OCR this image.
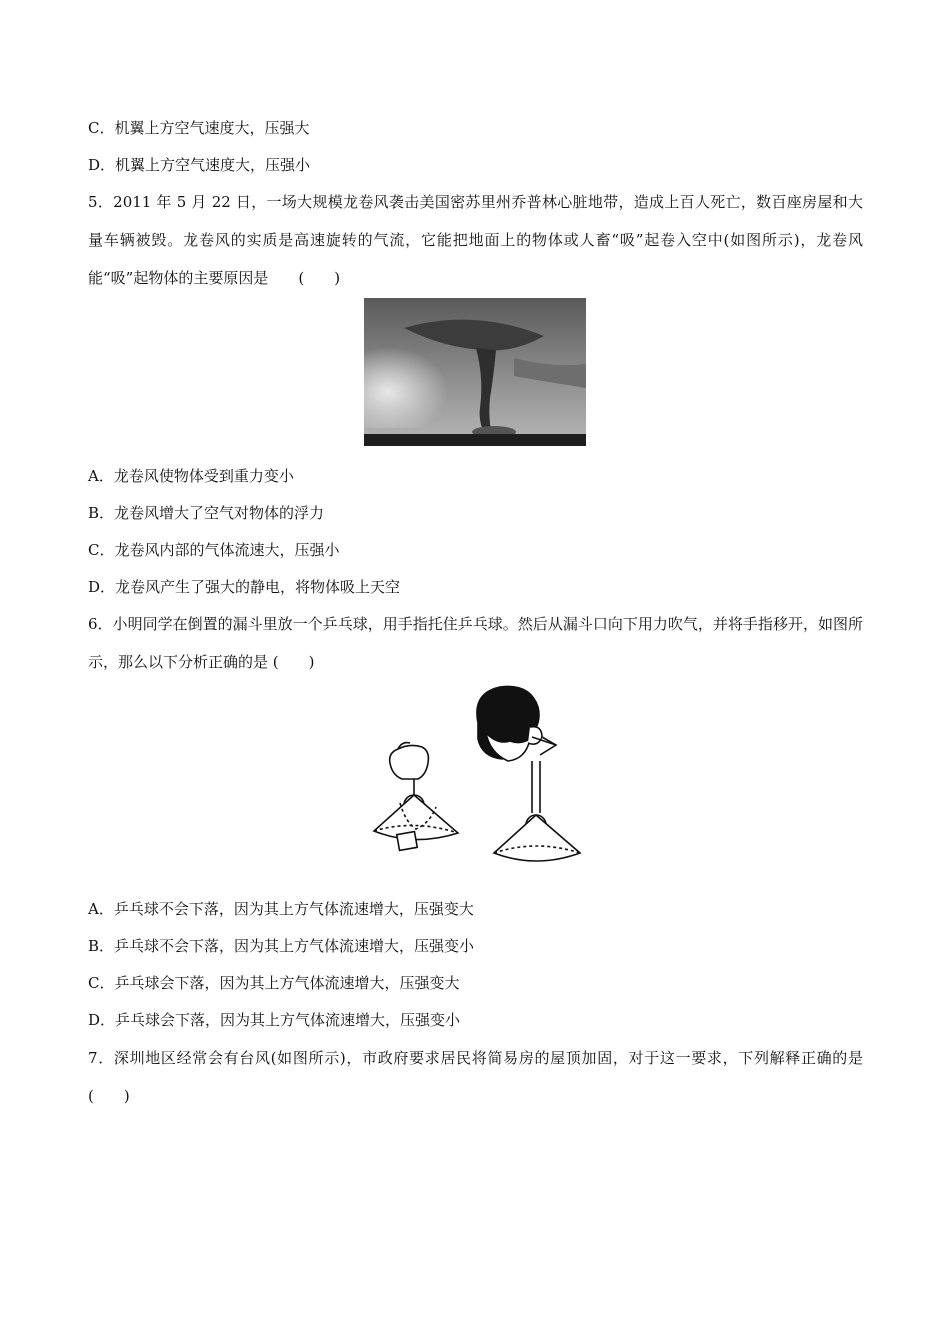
C．机翼上方空气速度大，压强大
D．机翼上方空气速度大，压强小
5．2011 年 5 月 22 日，一场大规模龙卷风袭击美国密苏里州乔普林心脏地带，造成上百人死亡，数百座房屋和大量车辆被毁。龙卷风的实质是高速旋转的气流，它能把地面上的物体或人畜“吸”起卷入空中(如图所示)，龙卷风能“吸”起物体的主要原因是　　(　　)
A．龙卷风使物体受到重力变小
B．龙卷风增大了空气对物体的浮力
C．龙卷风内部的气体流速大，压强小
D．龙卷风产生了强大的静电，将物体吸上天空
6．小明同学在倒置的漏斗里放一个乒乓球，用手指托住乒乓球。然后从漏斗口向下用力吹气，并将手指移开，如图所示，那么以下分析正确的是 (　　)
A．乒乓球不会下落，因为其上方气体流速增大，压强变大
B．乒乓球不会下落，因为其上方气体流速增大，压强变小
C．乒乓球会下落，因为其上方气体流速增大，压强变大
D．乒乓球会下落，因为其上方气体流速增大，压强变小
7．深圳地区经常会有台风(如图所示)，市政府要求居民将简易房的屋顶加固，对于这一要求，下列解释正确的是 (　　)
